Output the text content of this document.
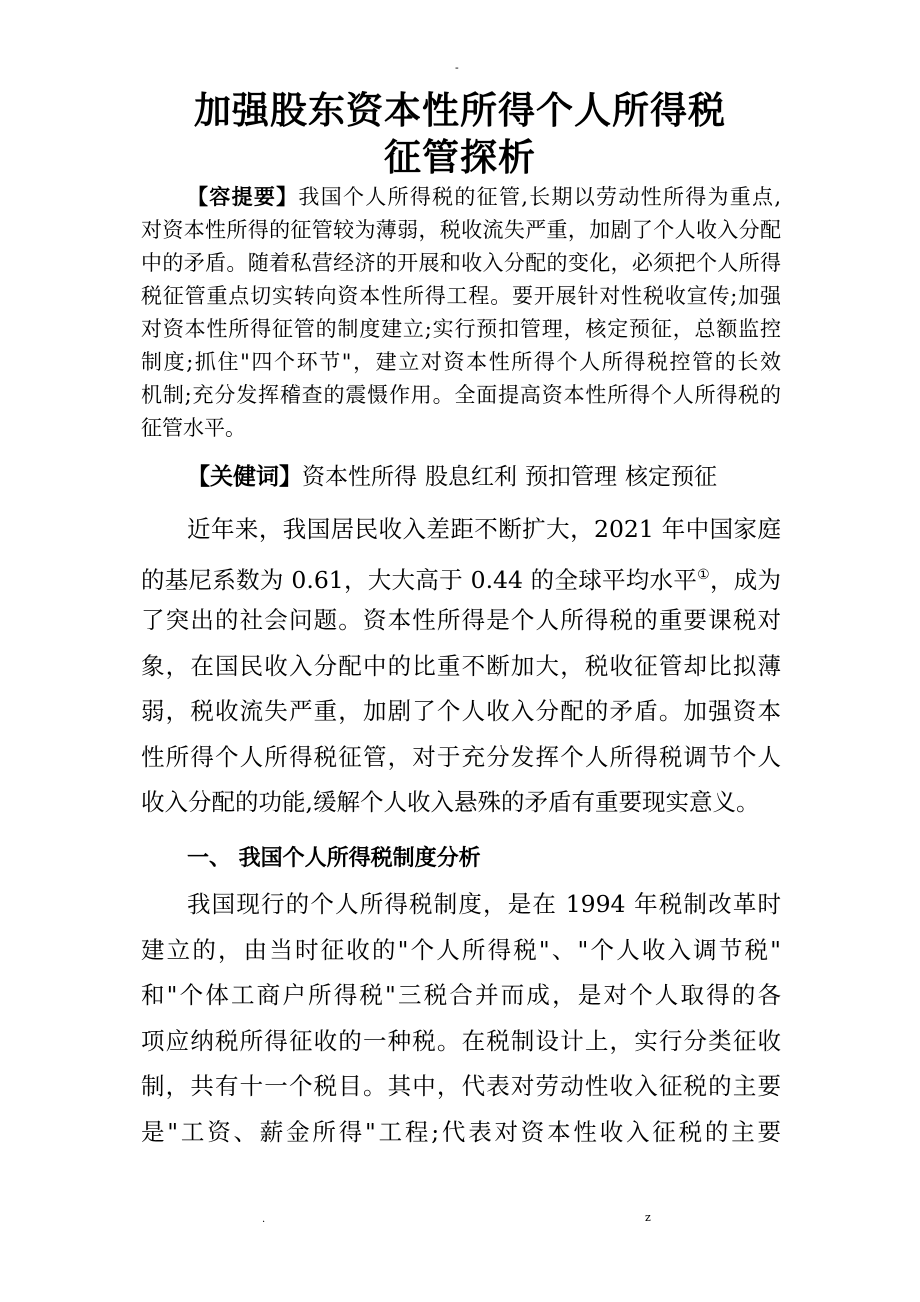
-
加强股东资本性所得个人所得税
征管探析
【容提要】我国个人所得税的征管,长期以劳动性所得为重点,
对资本性所得的征管较为薄弱，税收流失严重，加剧了个人收入分配
中的矛盾。随着私营经济的开展和收入分配的变化，必须把个人所得
税征管重点切实转向资本性所得工程。要开展针对性税收宣传;加强
对资本性所得征管的制度建立;实行预扣管理，核定预征，总额监控
制度;抓住"四个环节"，建立对资本性所得个人所得税控管的长效
机制;充分发挥稽查的震慑作用。全面提高资本性所得个人所得税的
征管水平。
【关健词】资本性所得 股息红利 预扣管理 核定预征
近年来，我国居民收入差距不断扩大，2021 年中国家庭
的基尼系数为 0.61，大大高于 0.44 的全球平均水平①，成为
了突出的社会问题。资本性所得是个人所得税的重要课税对
象，在国民收入分配中的比重不断加大，税收征管却比拟薄
弱，税收流失严重，加剧了个人收入分配的矛盾。加强资本
性所得个人所得税征管，对于充分发挥个人所得税调节个人
收入分配的功能,缓解个人收入悬殊的矛盾有重要现实意义。
一、 我国个人所得税制度分析
我国现行的个人所得税制度，是在 1994 年税制改革时
建立的，由当时征收的"个人所得税"、"个人收入调节税"
和"个体工商户所得税"三税合并而成，是对个人取得的各
项应纳税所得征收的一种税。在税制设计上，实行分类征收
制，共有十一个税目。其中，代表对劳动性收入征税的主要
是"工资、薪金所得"工程;代表对资本性收入征税的主要
.	z
